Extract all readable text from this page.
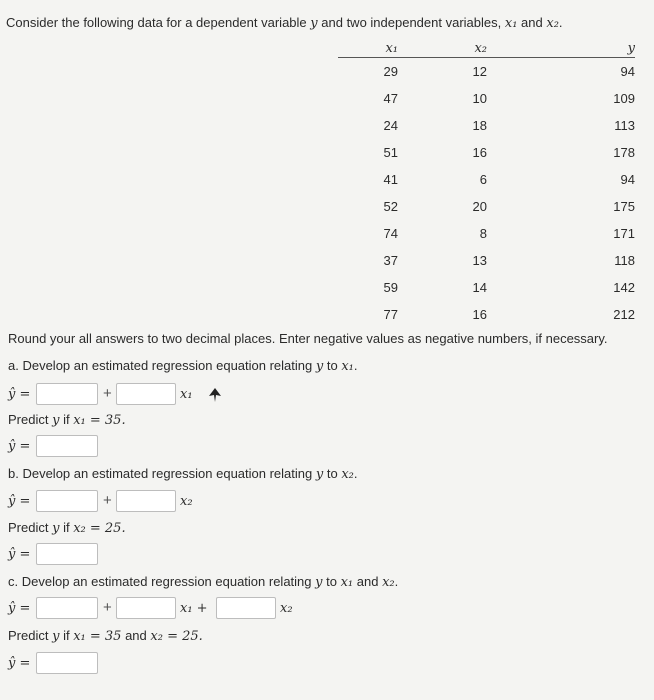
Consider the following data for a dependent variable y and two independent variables, x₁ and x₂.
x₁	x₂	y
29	12	94
47	10	109
24	18	113
51	16	178
41	6	94
52	20	175
74	8	171
37	13	118
59	14	142
77	16	212
Round your all answers to two decimal places. Enter negative values as negative numbers, if necessary.
a. Develop an estimated regression equation relating y to x₁.
ŷ =	+	x₁
Predict y if x₁ = 35.
ŷ =
b. Develop an estimated regression equation relating y to x₂.
ŷ =	+	x₂
Predict y if x₂ = 25.
ŷ =
c. Develop an estimated regression equation relating y to x₁ and x₂.
ŷ =	+	x₁ +	x₂
Predict y if x₁ = 35 and x₂ = 25.
ŷ =
